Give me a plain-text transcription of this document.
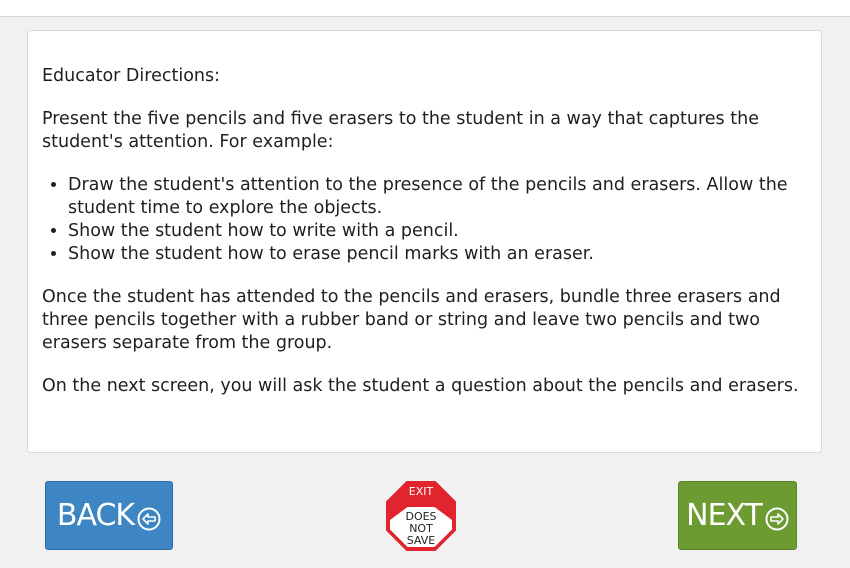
Educator Directions:

Present the five pencils and five erasers to the student in a way that captures the student's attention. For example:

• Draw the student's attention to the presence of the pencils and erasers. Allow the student time to explore the objects.
• Show the student how to write with a pencil.
• Show the student how to erase pencil marks with an eraser.

Once the student has attended to the pencils and erasers, bundle three erasers and three pencils together with a rubber band or string and leave two pencils and two erasers separate from the group.

On the next screen, you will ask the student a question about the pencils and erasers.

BACK
EXIT
DOES
NOT
SAVE
NEXT
